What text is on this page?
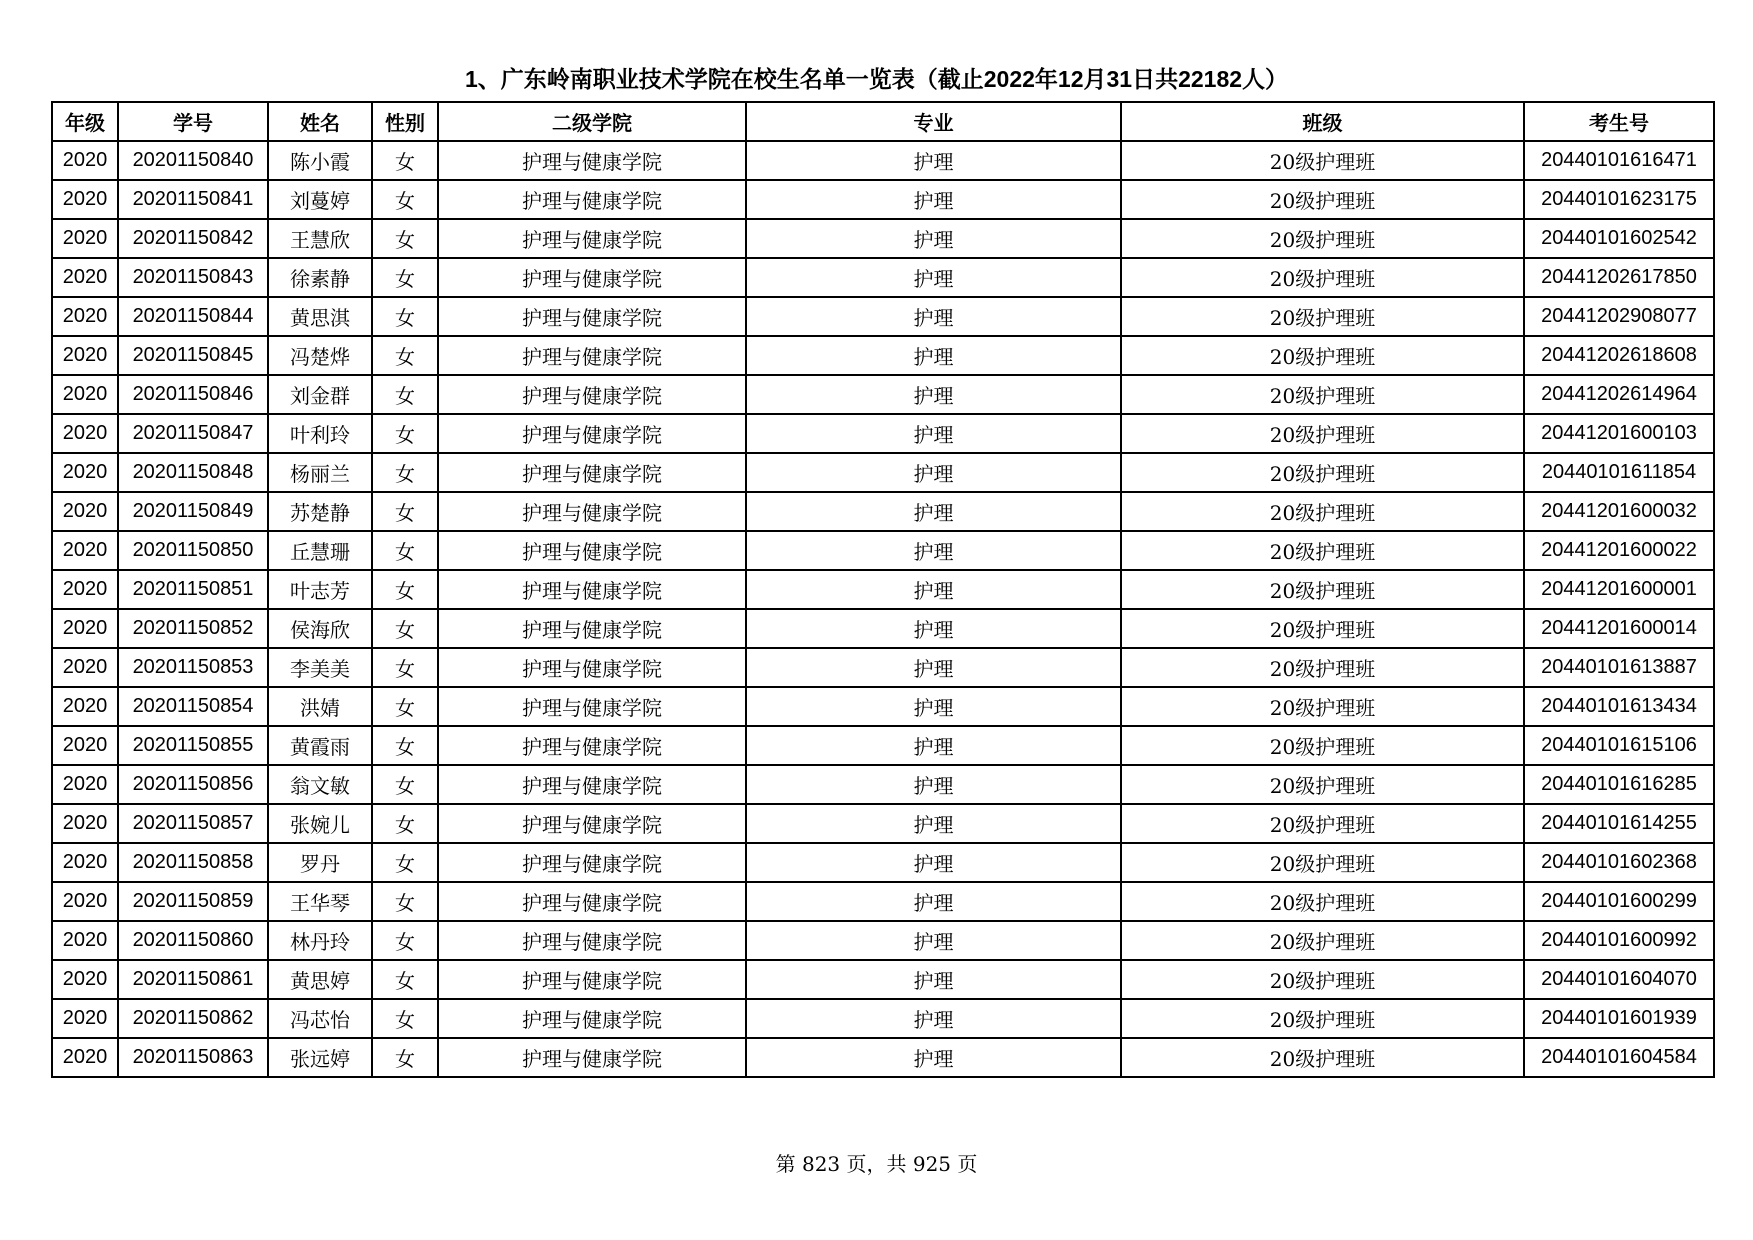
1、广东岭南职业技术学院在校生名单一览表（截止2022年12月31日共22182人）
年级	学号	姓名	性别	二级学院	专业	班级	考生号
2020	20201150840	陈小霞	女	护理与健康学院	护理	20级护理班	20440101616471
2020	20201150841	刘蔓婷	女	护理与健康学院	护理	20级护理班	20440101623175
2020	20201150842	王慧欣	女	护理与健康学院	护理	20级护理班	20440101602542
2020	20201150843	徐素静	女	护理与健康学院	护理	20级护理班	20441202617850
2020	20201150844	黄思淇	女	护理与健康学院	护理	20级护理班	20441202908077
2020	20201150845	冯楚烨	女	护理与健康学院	护理	20级护理班	20441202618608
2020	20201150846	刘金群	女	护理与健康学院	护理	20级护理班	20441202614964
2020	20201150847	叶利玲	女	护理与健康学院	护理	20级护理班	20441201600103
2020	20201150848	杨丽兰	女	护理与健康学院	护理	20级护理班	20440101611854
2020	20201150849	苏楚静	女	护理与健康学院	护理	20级护理班	20441201600032
2020	20201150850	丘慧珊	女	护理与健康学院	护理	20级护理班	20441201600022
2020	20201150851	叶志芳	女	护理与健康学院	护理	20级护理班	20441201600001
2020	20201150852	侯海欣	女	护理与健康学院	护理	20级护理班	20441201600014
2020	20201150853	李美美	女	护理与健康学院	护理	20级护理班	20440101613887
2020	20201150854	洪婧	女	护理与健康学院	护理	20级护理班	20440101613434
2020	20201150855	黄霞雨	女	护理与健康学院	护理	20级护理班	20440101615106
2020	20201150856	翁文敏	女	护理与健康学院	护理	20级护理班	20440101616285
2020	20201150857	张婉儿	女	护理与健康学院	护理	20级护理班	20440101614255
2020	20201150858	罗丹	女	护理与健康学院	护理	20级护理班	20440101602368
2020	20201150859	王华琴	女	护理与健康学院	护理	20级护理班	20440101600299
2020	20201150860	林丹玲	女	护理与健康学院	护理	20级护理班	20440101600992
2020	20201150861	黄思婷	女	护理与健康学院	护理	20级护理班	20440101604070
2020	20201150862	冯芯怡	女	护理与健康学院	护理	20级护理班	20440101601939
2020	20201150863	张远婷	女	护理与健康学院	护理	20级护理班	20440101604584
第 823 页，共 925 页
